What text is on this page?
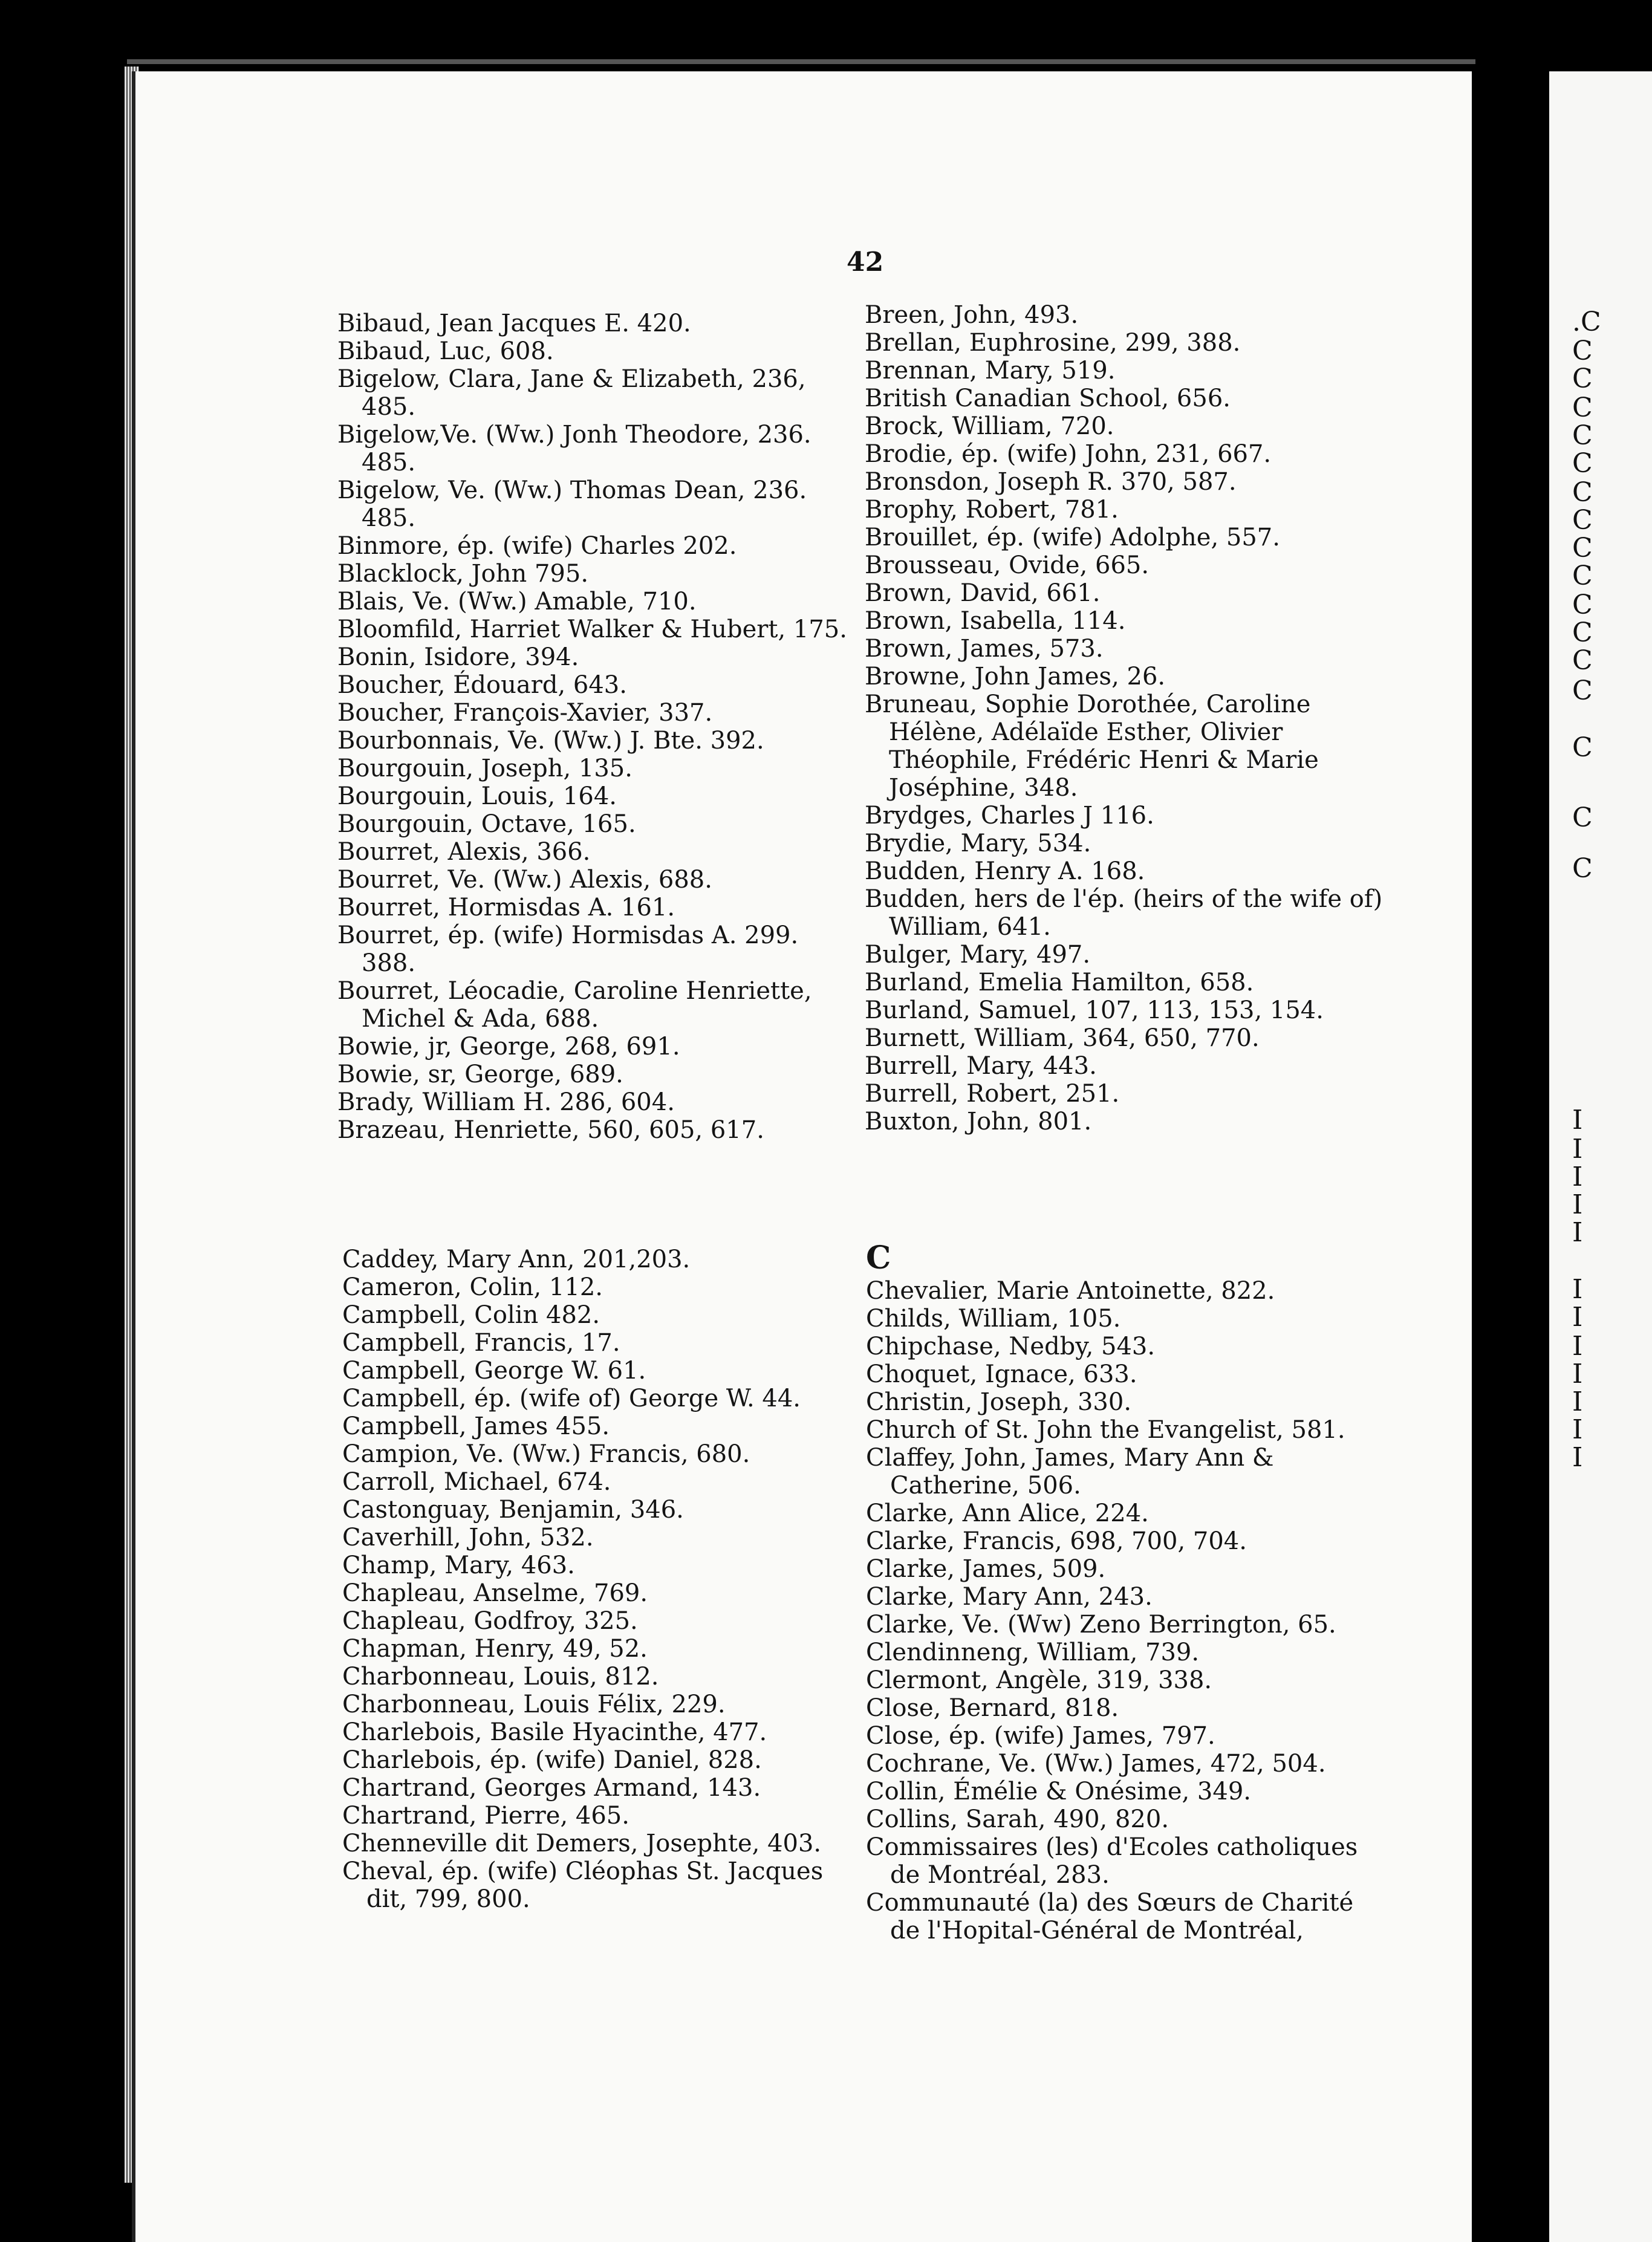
.C
C
C
C
C
C
C
C
C
C
C
C
C
C
C
C
C
I
I
I
I
I
I
I
I
I
I
I
I
42

Bibaud, Jean Jacques E. 420.

Bibaud, Luc, 608.

Bigelow, Clara, Jane & Elizabeth, 236, 485.

Bigelow,Ve. (Ww.) Jonh Theodore, 236. 485.

Bigelow, Ve. (Ww.) Thomas Dean, 236. 485.

Binmore, ép. (wife) Charles 202.

Blacklock, John 795.

Blais, Ve. (Ww.) Amable, 710.

Bloomfild, Harriet Walker & Hubert, 175.

Bonin, Isidore, 394.

Boucher, Édouard, 643.

Boucher, François-Xavier, 337.

Bourbonnais, Ve. (Ww.) J. Bte. 392.

Bourgouin, Joseph, 135.

Bourgouin, Louis, 164.

Bourgouin, Octave, 165.

Bourret, Alexis, 366.

Bourret, Ve. (Ww.) Alexis, 688.

Bourret, Hormisdas A. 161.

Bourret, ép. (wife) Hormisdas A. 299. 388.

Bourret, Léocadie, Caroline Henriette, Michel & Ada, 688.

Bowie, jr, George, 268, 691.

Bowie, sr, George, 689.

Brady, William H. 286, 604.

Brazeau, Henriette, 560, 605, 617.

Breen, John, 493.

Brellan, Euphrosine, 299, 388.

Brennan, Mary, 519.

British Canadian School, 656.

Brock, William, 720.

Brodie, ép. (wife) John, 231, 667.

Bronsdon, Joseph R. 370, 587.

Brophy, Robert, 781.

Brouillet, ép. (wife) Adolphe, 557.

Brousseau, Ovide, 665.

Brown, David, 661.

Brown, Isabella, 114.

Brown, James, 573.

Browne, John James, 26.

Bruneau, Sophie Dorothée, Caroline Hélène, Adélaïde Esther, Olivier Théophile, Frédéric Henri & Marie Joséphine, 348.

Brydges, Charles J 116.

Brydie, Mary, 534.

Budden, Henry A. 168.

Budden, hers de l'ép. (heirs of the wife of) William, 641.

Bulger, Mary, 497.

Burland, Emelia Hamilton, 658.

Burland, Samuel, 107, 113, 153, 154.

Burnett, William, 364, 650, 770.

Burrell, Mary, 443.

Burrell, Robert, 251.

Buxton, John, 801.

Caddey, Mary Ann, 201,203.

Cameron, Colin, 112.

Campbell, Colin 482.

Campbell, Francis, 17.

Campbell, George W. 61.

Campbell, ép. (wife of) George W. 44.

Campbell, James 455.

Campion, Ve. (Ww.) Francis, 680.

Carroll, Michael, 674.

Castonguay, Benjamin, 346.

Caverhill, John, 532.

Champ, Mary, 463.

Chapleau, Anselme, 769.

Chapleau, Godfroy, 325.

Chapman, Henry, 49, 52.

Charbonneau, Louis, 812.

Charbonneau, Louis Félix, 229.

Charlebois, Basile Hyacinthe, 477.

Charlebois, ép. (wife) Daniel, 828.

Chartrand, Georges Armand, 143.

Chartrand, Pierre, 465.

Chenneville dit Demers, Josephte, 403.

Cheval, ép. (wife) Cléophas St. Jacques dit, 799, 800.

C

Chevalier, Marie Antoinette, 822.

Childs, William, 105.

Chipchase, Nedby, 543.

Choquet, Ignace, 633.

Christin, Joseph, 330.

Church of St. John the Evangelist, 581.

Claffey, John, James, Mary Ann & Catherine, 506.

Clarke, Ann Alice, 224.

Clarke, Francis, 698, 700, 704.

Clarke, James, 509.

Clarke, Mary Ann, 243.

Clarke, Ve. (Ww) Zeno Berrington, 65.

Clendinneng, William, 739.

Clermont, Angèle, 319, 338.

Close, Bernard, 818.

Close, ép. (wife) James, 797.

Cochrane, Ve. (Ww.) James, 472, 504.

Collin, Émélie & Onésime, 349.

Collins, Sarah, 490, 820.

Commissaires (les) d'Ecoles catholiques de Montréal, 283.

Communauté (la) des Sœurs de Charité de l'Hopital-Général de Montréal,
